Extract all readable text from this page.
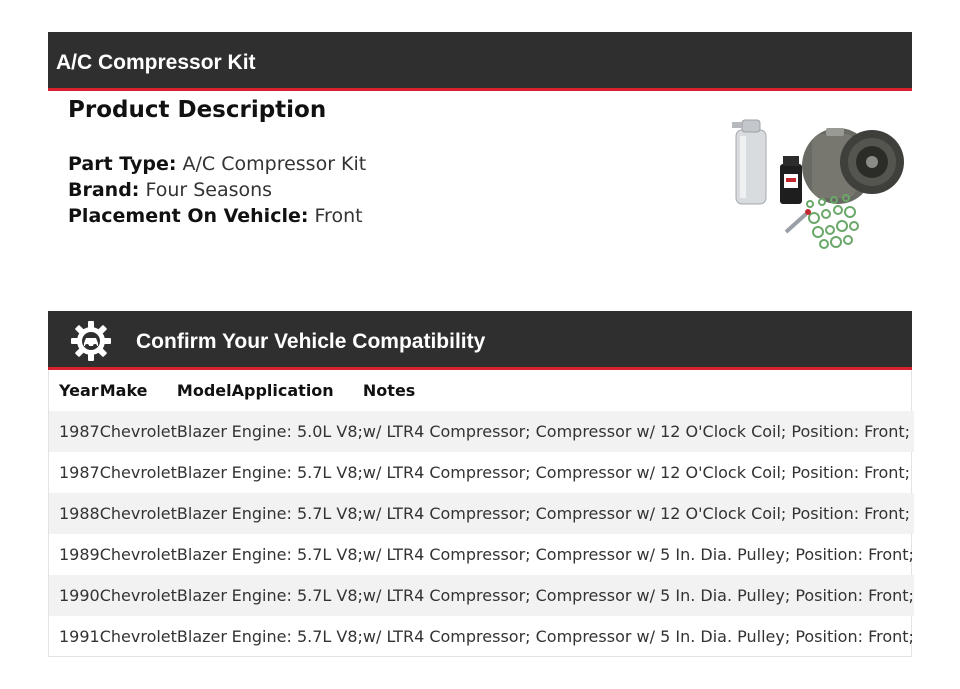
A/C Compressor Kit
Product Description
Part Type: A/C Compressor Kit
Brand: Four Seasons
Placement On Vehicle: Front
Confirm Your Vehicle Compatibility
Year	Make	Model	Application	Notes
1987	Chevrolet	Blazer	Engine: 5.0L V8;	w/ LTR4 Compressor; Compressor w/ 12 O'Clock Coil; Position: Front;
1987	Chevrolet	Blazer	Engine: 5.7L V8;	w/ LTR4 Compressor; Compressor w/ 12 O'Clock Coil; Position: Front;
1988	Chevrolet	Blazer	Engine: 5.7L V8;	w/ LTR4 Compressor; Compressor w/ 12 O'Clock Coil; Position: Front;
1989	Chevrolet	Blazer	Engine: 5.7L V8;	w/ LTR4 Compressor; Compressor w/ 5 In. Dia. Pulley; Position: Front;
1990	Chevrolet	Blazer	Engine: 5.7L V8;	w/ LTR4 Compressor; Compressor w/ 5 In. Dia. Pulley; Position: Front;
1991	Chevrolet	Blazer	Engine: 5.7L V8;	w/ LTR4 Compressor; Compressor w/ 5 In. Dia. Pulley; Position: Front;
